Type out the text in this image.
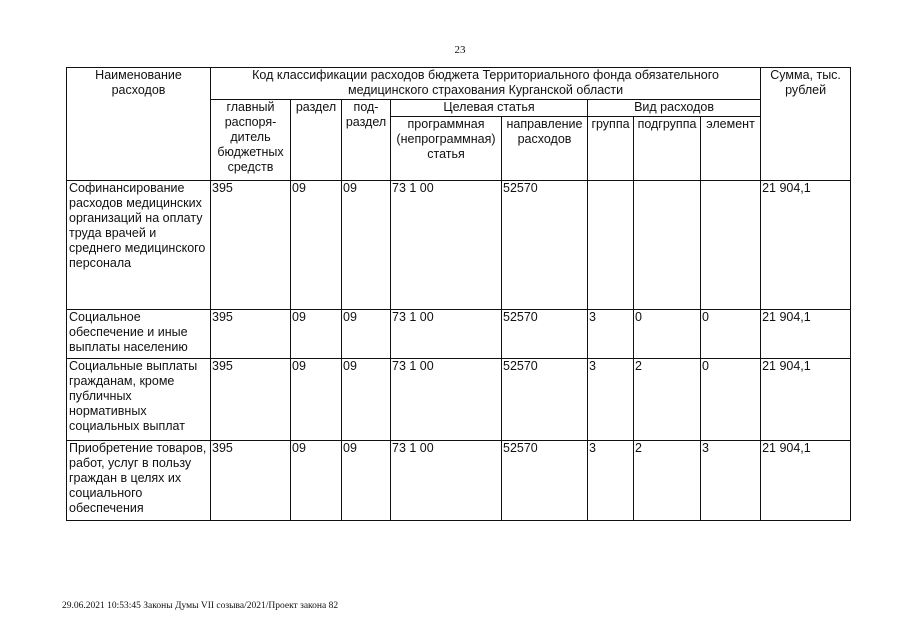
23
Наименование расходов	Код классификации расходов бюджета Территориального фонда обязательного медицинского страхования Курганской области								Сумма, тыс. рублей
	главный распоря-дитель бюджетных средств	раздел	под-раздел	Целевая статья		Вид расходов			
				программная (непрограммная) статья	направление расходов	группа	подгруппа	элемент	
Софинансирование расходов медицинских организаций на оплату труда врачей и среднего медицинского персонала	395	09	09	73 1 00	52570				21 904,1
Социальное обеспечение и иные выплаты населению	395	09	09	73 1 00	52570	3	0	0	21 904,1
Социальные выплаты гражданам, кроме публичных нормативных социальных выплат	395	09	09	73 1 00	52570	3	2	0	21 904,1
Приобретение товаров, работ, услуг в пользу граждан в целях их социального обеспечения	395	09	09	73 1 00	52570	3	2	3	21 904,1
29.06.2021 10:53:45 Законы Думы VII созыва/2021/Проект закона 82
